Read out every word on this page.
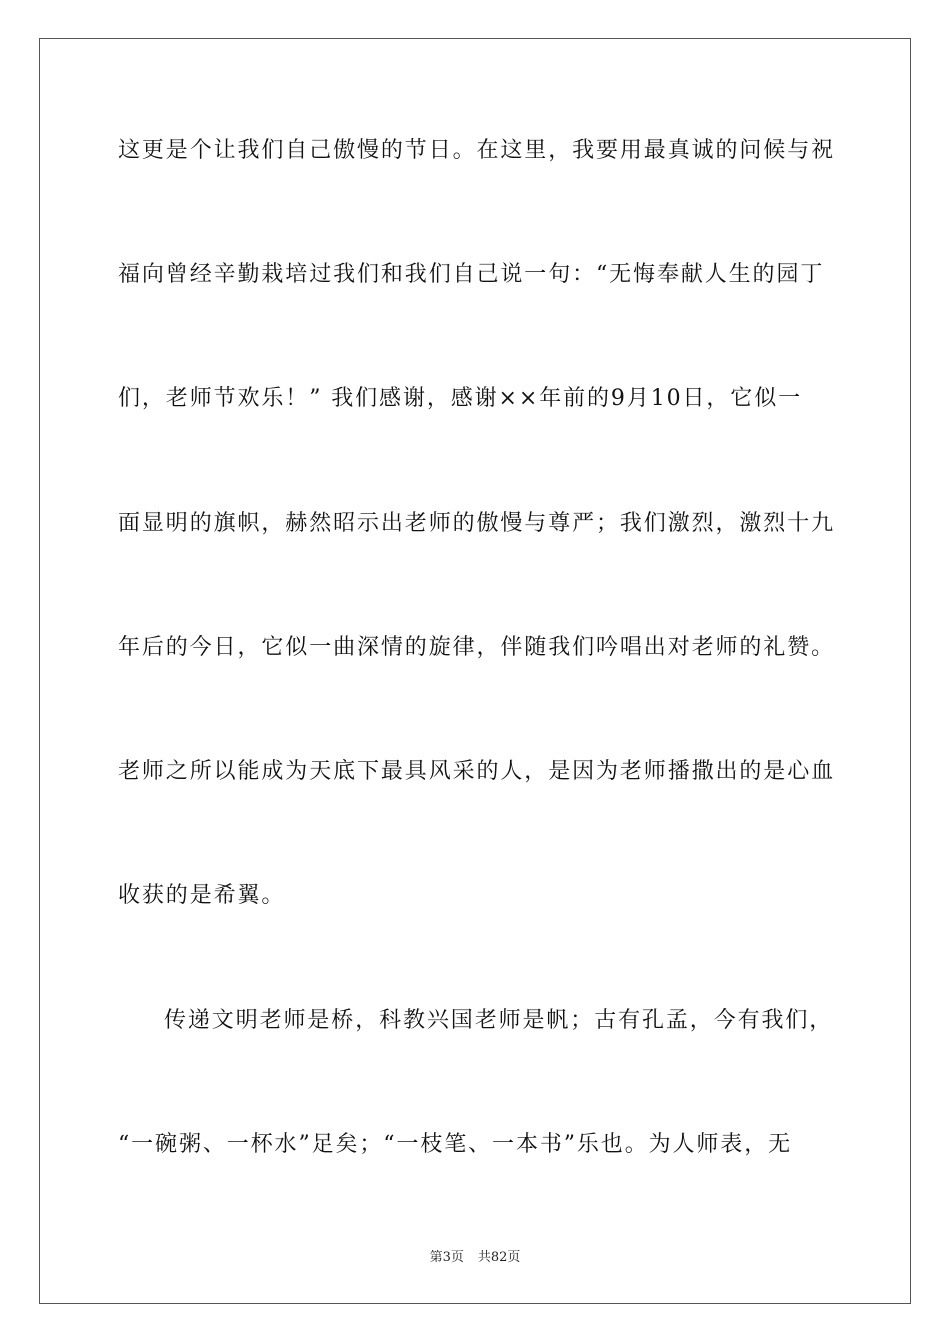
这更是个让我们自己傲慢的节日。在这里，我要用最真诚的问候与祝
福向曾经辛勤栽培过我们和我们自己说一句：“无悔奉献人生的园丁
们，老师节欢乐！” 我们感谢，感谢××年前的9月10日，它似一
面显明的旗帜，赫然昭示出老师的傲慢与尊严；我们激烈，激烈十九
年后的今日，它似一曲深情的旋律，伴随我们吟唱出对老师的礼赞。
老师之所以能成为天底下最具风采的人，是因为老师播撒出的是心血
收获的是希翼。
传递文明老师是桥，科教兴国老师是帆；古有孔孟，今有我们，
“一碗粥、一杯水”足矣；“一枝笔、一本书”乐也。为人师表，无
第3页 共82页
